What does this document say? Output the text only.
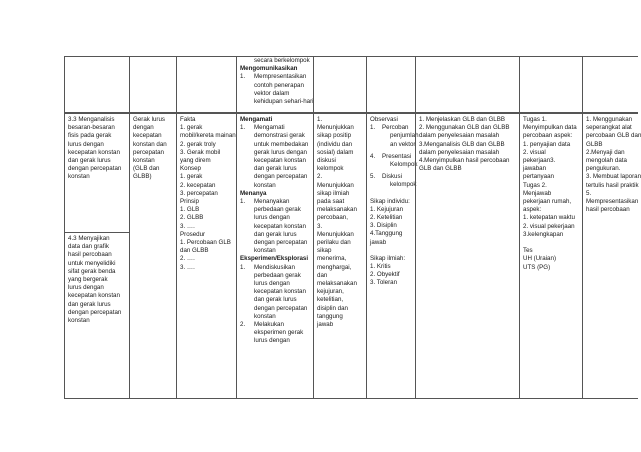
secara berkelompok
Mengomunikasikan
1. Mempresentasikan
contoh penerapan
vektor dalam
kehidupan sehari-hari
3.3 Menganalisis
besaran-besaran
fisis pada gerak
lurus dengan
kecepatan konstan
dan gerak lurus
dengan percepatan
konstan
4.3 Menyajikan
data dan grafik
hasil percobaan
untuk menyelidiki
sifat gerak benda
yang bergerak
lurus dengan
kecepatan konstan
dan gerak lurus
dengan percepatan
konstan
Gerak lurus
dengan
kecepatan
konstan dan
percepatan
konstan
(GLB dan
GLBB)
Fakta
1. gerak
mobil/kereta mainan
2. gerak troly
3. Gerak mobil
yang direm
Konsep
1. gerak
2. kecepatan
3. percepatan
Prinsip
1. GLB
2. GLBB
3. ….
Prosedur
1. Percobaan GLB
dan GLBB
2. ….
3. ….
Mengamati
1. Mengamati
demonstrasi gerak
untuk membedakan
gerak lurus dengan
kecepatan konstan
dan gerak lurus
dengan percepatan
konstan
Menanya
1. Menanyakan
perbedaan gerak
lurus dengan
kecepatan konstan
dan gerak lurus
dengan percepatan
konstan
Eksperimen/Eksplorasi
1. Mendiskusikan
perbedaan gerak
lurus dengan
kecepatan konstan
dan gerak lurus
dengan percepatan
konstan
2. Melakukan
eksperimen gerak
lurus dengan
1.
Menunjukkan
sikap positip
(individu dan
sosial) dalam
diskusi
kelompok
2.
Menunjukkan
sikap ilmiah
pada saat
melaksanakan
percobaan,
3.
Menunjukkan
perilaku dan
sikap
menerima,
menghargai,
dan
melaksanakan
kejujuran,
ketelitian,
disiplin dan
tanggung
jawab
Observasi
1. Percoban
penjumlah
an vektor
4. Presentasi
Kelompok
5. Diskusi
kelompok
Sikap individu:
1. Kejujuran
2. Ketelitian
3. Disiplin
4.Tanggung
jawab
Sikap ilmiah:
1. Kritis
2. Obyektif
3. Toleran
1. Menjelaskan GLB dan GLBB
2. Menggunakan GLB dan GLBB
dalam penyelesaian masalah
3.Menganalisis GLB dan GLBB
dalam penyelesaian masalah
4.Menyimpulkan hasil percobaan
GLB dan GLBB
Tugas 1.
Menyimpulkan data
percobaan aspek:
1. penyajian data
2. visual
pekerjaan3.
jawaban
pertanyaan
Tugas 2.
Menjawab
pekerjaan rumah,
aspek:
1. ketepatan waktu
2. visual pekerjaan
3.kelengkapan

Tes
UH (Uraian)
UTS (PG)
1. Menggunakan
seperangkat alat
percobaan GLB dan
GLBB
2.Menyaji dan
mengolah data
pengukuran.
3. Membuat laporan
tertulis hasil praktik
5.
Mempresentasikan
hasil percobaan
